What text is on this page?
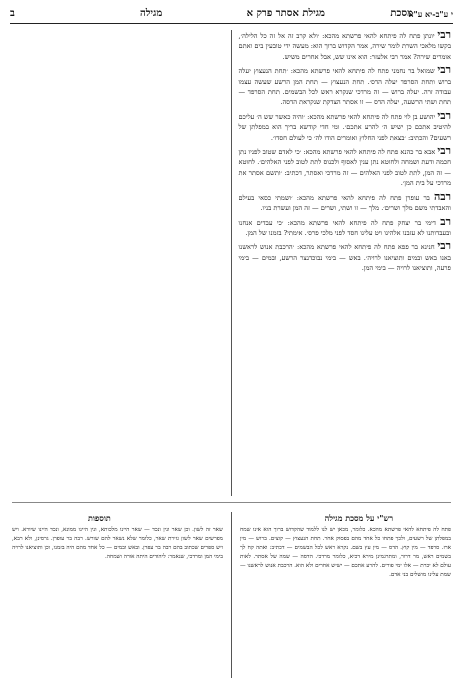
י ע"ב-יא ע"א
מסכת
מגילת אסתר פרק א
מגילה
ב

רבי יונתן פתח לה פיתחא להאי פרשתא מהכא: ׳ולא קרב זה אל זה כל הלילה׳, בקשו מלאכי השרת לומר שירה, אמר הקדוש ברוך הוא: מעשה ידי טובעין בים ואתם אומרים שירה? אמר רבי אלעזר: הוא אינו שש, אבל אחרים משיש.

רבי שמואל בר נחמני פתח לה פיתחא להאי פרשתא מהכא: ׳תחת הנעצוץ יעלה ברוש ותחת הסרפד יעלה הדס׳. תחת הנעצוץ — תחת המן הרשע שעשה עצמו עבודה זרה. יעלה ברוש — זה מרדכי שנקרא ראש לכל הבשמים. תחת הסרפד — תחת ושתי הרשעה, יעלה הדס — זו אסתר הצדקת שנקראת הדסה.

רבי יהושע בן לוי פתח לה פיתחא להאי פרשתא מהכא: ׳והיה כאשר שש ה׳ עליכם להיטיב אתכם כן ישיש ה׳ להרע אתכם׳. ומי חדי קודשא בריך הוא במפלתן של רשעים? והכתיב: ׳בצאת לפני החלוץ ואומרים הודו לה׳ כי לעולם חסדו׳.

רבי אבא בר כהנא פתח לה פיתחא להאי פרשתא מהכא: ׳כי לאדם שטוב לפניו נתן חכמה ודעת ושמחה ולחוטא נתן ענין לאסוף ולכנוס לתת לטוב לפני האלהים׳. לחוטא — זה המן, לתת לטוב לפני האלהים — זה מרדכי ואסתר, דכתיב: ׳ותשם אסתר את מרדכי על בית המן׳.

רבה בר עופרן פתח לה פיתחא להאי פרשתא מהכא: ׳ושמתי כסאי בעילם והאבדתי משם מלך ושרים׳. מלך — זו ושתי, ושרים — זה המן ועשרת בניו.

רב דימי בר יצחק פתח לה פיתחא להאי פרשתא מהכא: ׳כי עבדים אנחנו ובעבדותנו לא עזבנו אלהינו ויט עלינו חסד לפני מלכי פרס׳. אימתי? בזמנו של המן.

רבי חנינא בר פפא פתח לה פיתחא להאי פרשתא מהכא: ׳הרכבת אנוש לראשנו באנו באש ובמים ותוציאנו לרויה׳. באש — בימי נבוכדנצר הרשע, ובמים — בימי פרעה, ותוציאנו לרויה — בימי המן.

רש"י על מסכת מגילה
תוספות

פתח לה פיתחא להאי פרשתא מהכא. כלומר, מכאן יש לנו ללמוד שהקדוש ברוך הוא אינו שמח במפלתן של רשעים, ולכך פתחו כל אחד מהם בפסוק אחר. תחת הנעצוץ — קוצים. ברוש — מין ארז. סרפד — מין קוץ. הדס — מין עץ בשם. נקרא ראש לכל הבשמים — דכתיב: ואתה קח לך בשמים ראש, מר דרור, ומתרגמינן מירא דכיא, כלומר מרדכי. הדסה — שמה של אסתר. לאות עולם לא יכרת — אלו ימי פורים. להרע אתכם — ישיש אחרים ולא הוא. הרכבת אנוש לראשנו — שמת עלינו מושלים בני אדם.

שאר זה לשון. וכן שאר ונין ונכד — שאר היינו מלכותא, ונין היינו ממונא, ונכד היינו שיורא. ויש מפרשים שאר לשון גזירת שאר, כלומר שלא נשאר להם שורש. רבה בר עופרן. גרסינן, ולא רבא, ויש ספרים שכתוב בהם רבה בר עפרן. ובאש ובמים — כל אחד מהם היה בזמנו, וכן ותוציאנו לרויה בימי המן ומרדכי, שנאמר: ליהודים היתה אורה ושמחה.
